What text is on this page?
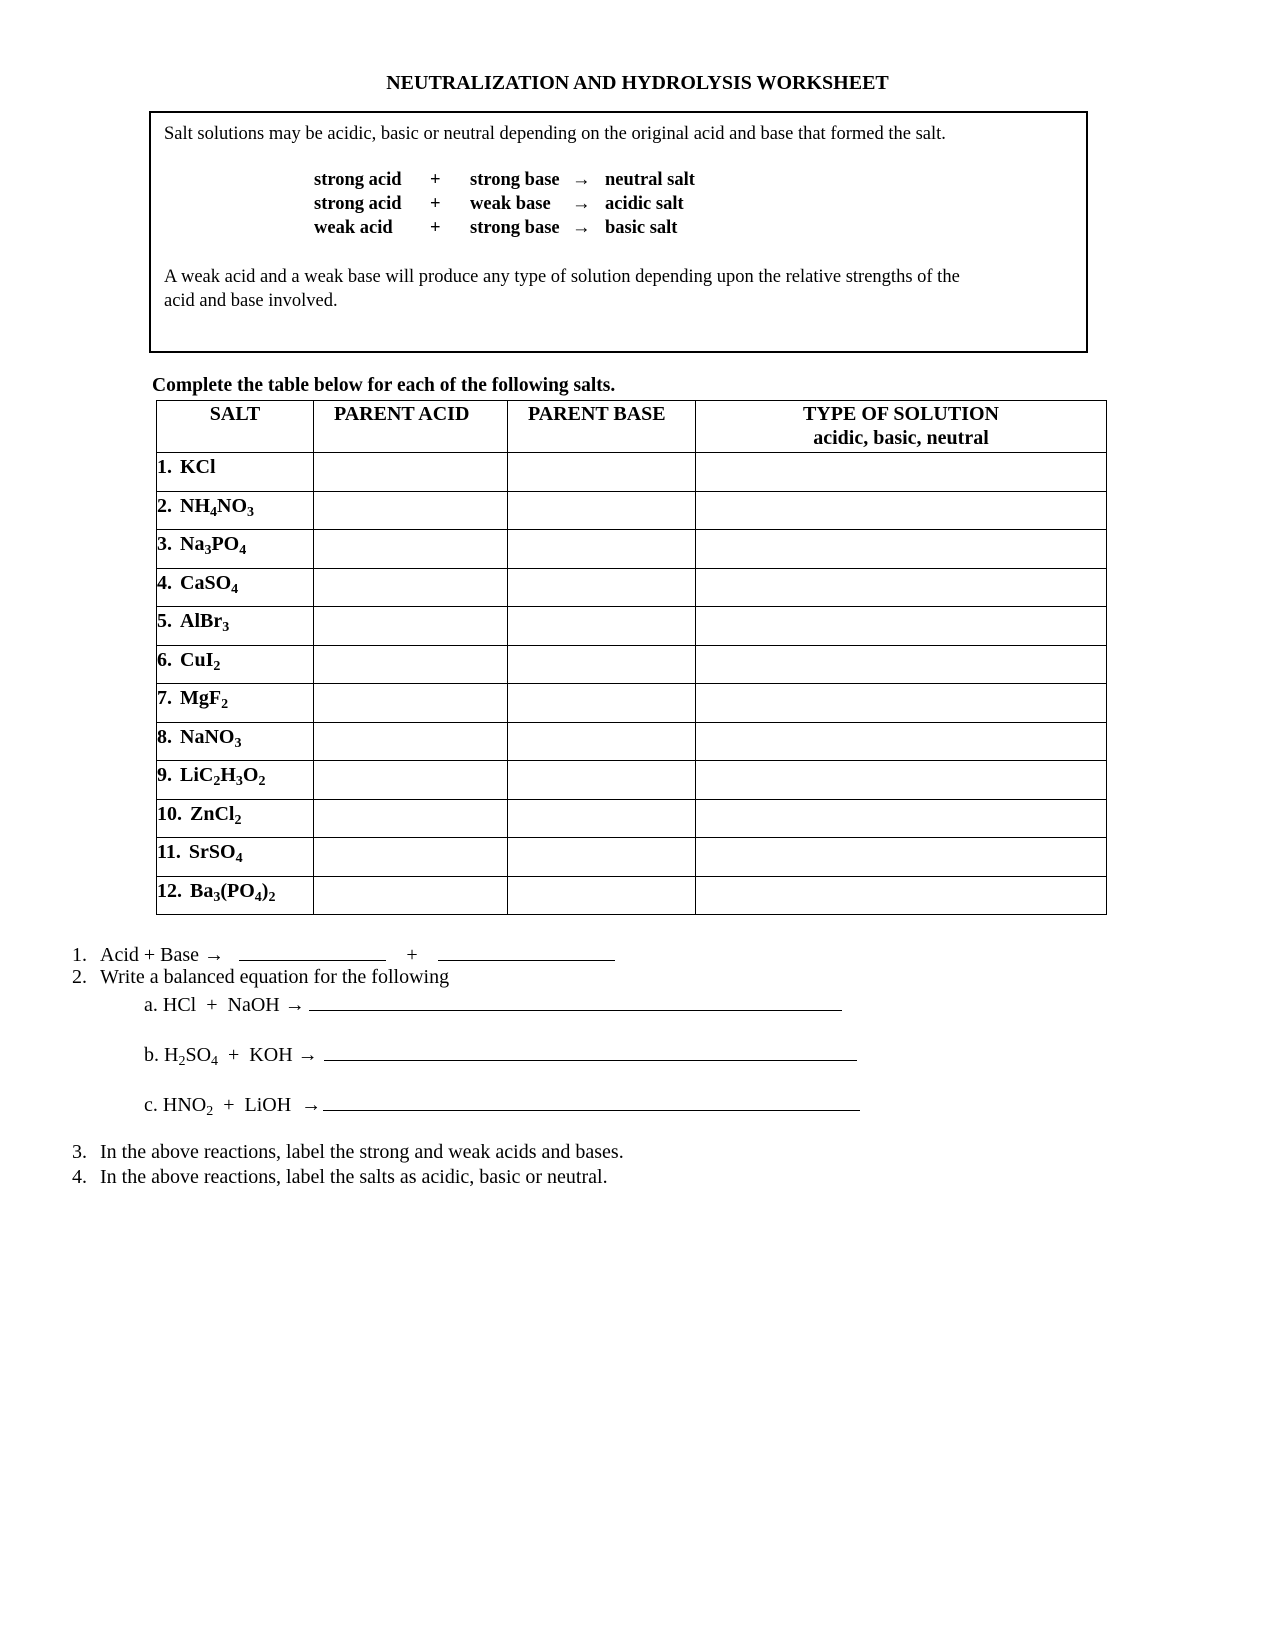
NEUTRALIZATION AND HYDROLYSIS WORKSHEET

Salt solutions may be acidic, basic or neutral depending on the original acid and base that formed the salt.

strong acid	+	strong base → neutral salt
strong acid	+	weak base	→ acidic salt
weak acid	+	strong base → basic salt

A weak acid and a weak base will produce any type of solution depending upon the relative strengths of the acid and base involved.

Complete the table below for each of the following salts.

SALT	PARENT ACID	PARENT BASE	TYPE OF SOLUTION
acidic, basic, neutral
1. KCl			
2. $NH_4NO_3$			
3. $Na_3PO_4$			
4. CaSO$_4$			
5. AlBr$_3$			
6. CuI$_2$			
7. MgF$_2$			
8. NaNO$_3$			
9. $LiC_2H_3O_2$			
10. ZnCl$_2$			
11. SrSO$_4$			
12. $Ba_3(PO_4)_2$			
1. Acid + Base →	+
2. Write a balanced equation for the following
a. HCl  +  NaOH →
b. $H_2SO_4$  +  KOH →
c. $HNO_2$  +  LiOH  →
3. In the above reactions, label the strong and weak acids and bases.
4. In the above reactions, label the salts as acidic, basic or neutral.
